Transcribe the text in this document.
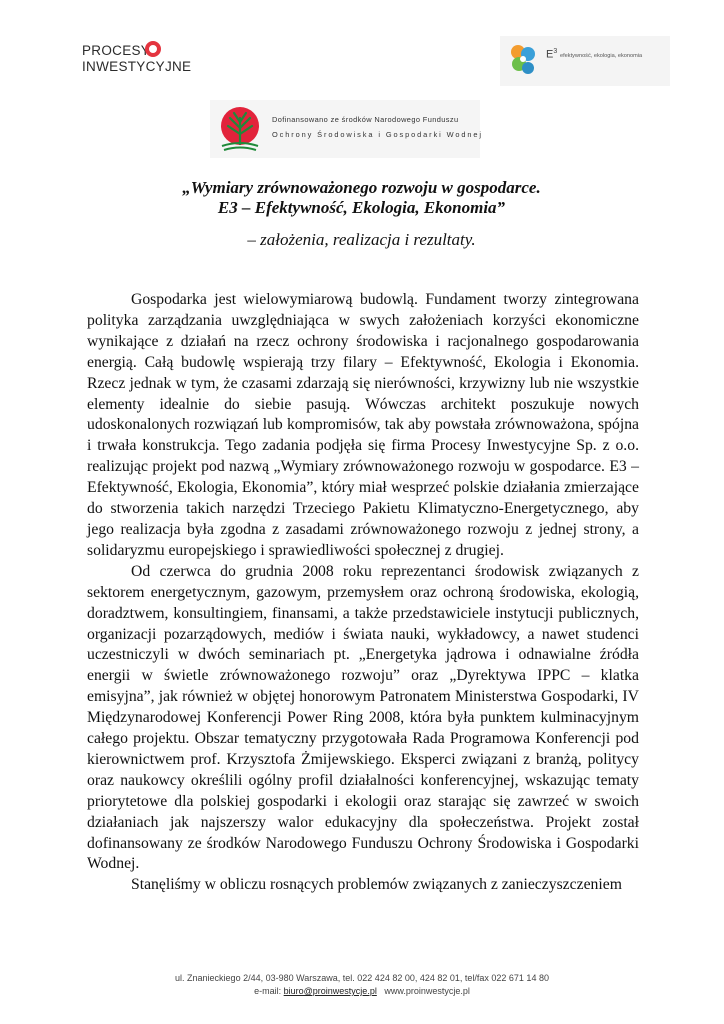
PROCESY
INWESTYCYJNE
$E^3$
efektywność, ekologia, ekonomia
Dofinansowano ze środków Narodowego Funduszu
Ochrony Środowiska i Gospodarki Wodnej
„Wymiary zrównoważonego rozwoju w gospodarce.
E3 – Efektywność, Ekologia, Ekonomia”

– założenia, realizacja i rezultaty.

Gospodarka jest wielowymiarową budowlą. Fundament tworzy zintegrowana polityka zarządzania uwzględniająca w swych założeniach korzyści ekonomiczne wynikające z działań na rzecz ochrony środowiska i racjonalnego gospodarowania energią. Całą budowlę wspierają trzy filary – Efektywność, Ekologia i Ekonomia. Rzecz jednak w tym, że czasami zdarzają się nierówności, krzywizny lub nie wszystkie elementy idealnie do siebie pasują. Wówczas architekt poszukuje nowych udoskonalonych rozwiązań lub kompromisów, tak aby powstała zrównoważona, spójna i trwała konstrukcja. Tego zadania podjęła się firma Procesy Inwestycyjne Sp. z o.o. realizując projekt pod nazwą „Wymiary zrównoważonego rozwoju w gospodarce. E3 – Efektywność, Ekologia, Ekonomia”, który miał wesprzeć polskie działania zmierzające do stworzenia takich narzędzi Trzeciego Pakietu Klimatyczno-Energetycznego, aby jego realizacja była zgodna z zasadami zrównoważonego rozwoju z jednej strony, a solidaryzmu europejskiego i sprawiedliwości społecznej z drugiej.

Od czerwca do grudnia 2008 roku reprezentanci środowisk związanych z sektorem energetycznym, gazowym, przemysłem oraz ochroną środowiska, ekologią, doradztwem, konsultingiem, finansami, a także przedstawiciele instytucji publicznych, organizacji pozarządowych, mediów i świata nauki, wykładowcy, a nawet studenci uczestniczyli w dwóch seminariach pt. „Energetyka jądrowa i odnawialne źródła energii w świetle zrównoważonego rozwoju” oraz „Dyrektywa IPPC – klatka emisyjna”, jak również w objętej honorowym Patronatem Ministerstwa Gospodarki, IV Międzynarodowej Konferencji Power Ring 2008, która była punktem kulminacyjnym całego projektu. Obszar tematyczny przygotowała Rada Programowa Konferencji pod kierownictwem prof. Krzysztofa Żmijewskiego. Eksperci związani z branżą, politycy oraz naukowcy określili ogólny profil działalności konferencyjnej, wskazując tematy priorytetowe dla polskiej gospodarki i ekologii oraz starając się zawrzeć w swoich działaniach jak najszerszy walor edukacyjny dla społeczeństwa. Projekt został dofinansowany ze środków Narodowego Funduszu Ochrony Środowiska i Gospodarki Wodnej.

Stanęliśmy w obliczu rosnących problemów związanych z zanieczyszczeniem

ul. Znanieckiego 2/44, 03-980 Warszawa, tel. 022 424 82 00, 424 82 01, tel/fax 022 671 14 80
e-mail: biuro@proinwestycje.pl www.proinwestycje.pl
